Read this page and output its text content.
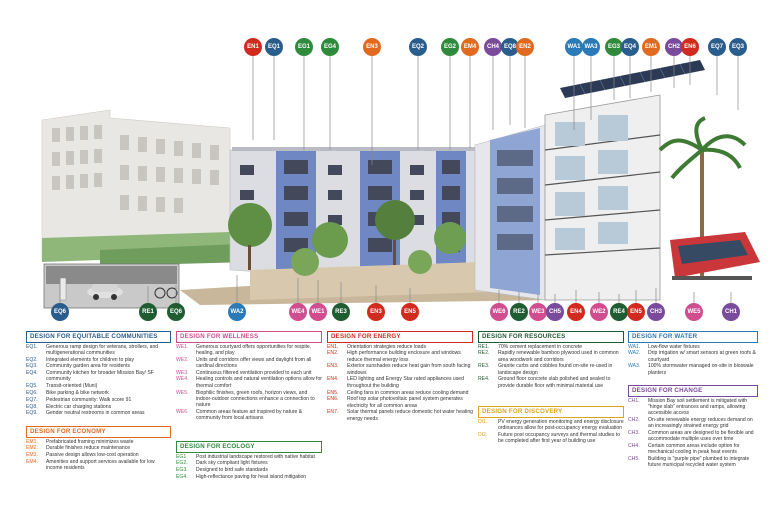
EN1	EQ1	EG1	EG4	EN3	EQ2	EG2	EM4	CH4 EQ8 EN2	WA1 WA3	EG3 EQ4	EM1	CH2 EN6	EQ7	EQ3
EQ6	RE1	EQ6	WA2	WE4	WE1	RE3	EN3	EN5	WE6	RE2	WE3 CH5	EN4	WE2	RE4 EN5	CH3	WE5	CH1
DESIGN FOR EQUITABLE COMMUNITIES
EQ1.	Generous ramp design for veterans, strollers, and multigenerational communities
EQ2.	Integrated elements for children to play
EQ3.	Community garden area for residents
EQ4.	Community kitchen for broader Mission Bay/ SF community
EQ5.	Transit-oriented (Muni)
EQ6.	Bike parking & bike network
EQ7.	Pedestrian community: Walk score 91
EQ8.	Electric car charging stations
EQ9.	Gender neutral restrooms in common areas
DESIGN FOR ECONOMY
EM1.	Prefabricated framing minimizes waste
EM2.	Durable finishes reduce maintenance
EM3.	Passive design allows low-cost operation
EM4.	Amenities and support services available for low income residents
DESIGN FOR WELLNESS
WE1.	Generous courtyard offers opportunities for respite, healing, and play
WE2.	Units and corridors offer views and daylight from all cardinal directions
WE3.	Continuous filtered ventilation provided to each unit
WE4.	Healing controls and natural ventilation options allow for thermal comfort
WE5.	Biophilic finishes, green roofs, horizon views, and indoor-outdoor connections enhance a connection to nature
WE6.	Common areas feature art inspired by nature & community from local artisans
DESIGN FOR ECOLOGY
EG1.	Post industrial landscape restored with native habitat
EG2.	Dark sky compliant light fixtures
EG3.	Designed to bird safe standards
EG4.	High-reflectance paving for heat island mitigation
DESIGN FOR ENERGY
EN1.	Orientation strategies reduce loads
EN2.	High performance building enclosure and windows reduce thermal energy loss
EN3.	Exterior sunshades reduce heat gain from south facing windows
EN4.	LED lighting and Energy Star rated appliances used throughout the building
EN5.	Ceiling fans in common areas reduce cooling demand
EN6.	Roof top solar photovoltaic panel system generates electricity for all common areas
EN7.	Solar thermal panels reduce domestic hot water heating energy needs
DESIGN FOR RESOURCES
RE1.	70% cement replacement in concrete
RE2.	Rapidly renewable bamboo plywood used in common area woodwork and corridors
RE3.	Granite curbs and cobbles found on-site re-used in landscape design
RE4.	Ground floor concrete slab polished and sealed to provide durable floor with minimal material use
DESIGN FOR DISCOVERY
DI1.	PV energy generation monitoring and energy disclosure ordinances allow for post-occupancy energy evaluation
DI2.	Future post occupancy surveys and thermal studies to be completed after first year of building use
DESIGN FOR WATER
WA1.	Low-flow water fixtures
WA2.	Drip irrigation w/ smart sensors at green roofs & courtyard
WA3.	100% stormwater managed on-site in bioswale planters
DESIGN FOR CHANGE
CH1.	Mission Bay soil settlement is mitigated with "hinge slab" entrances and ramps, allowing accessible access
CH2.	On-site renewable energy reduces demand on an increasingly strained energy grid
CH3.	Common areas are designed to be flexible and accommodate multiple uses over time
CH4.	Certain common areas include option for mechanical cooling in peak heat events
CH5.	Building is "purple pipe" plumbed to integrate future municipal recycled water system
